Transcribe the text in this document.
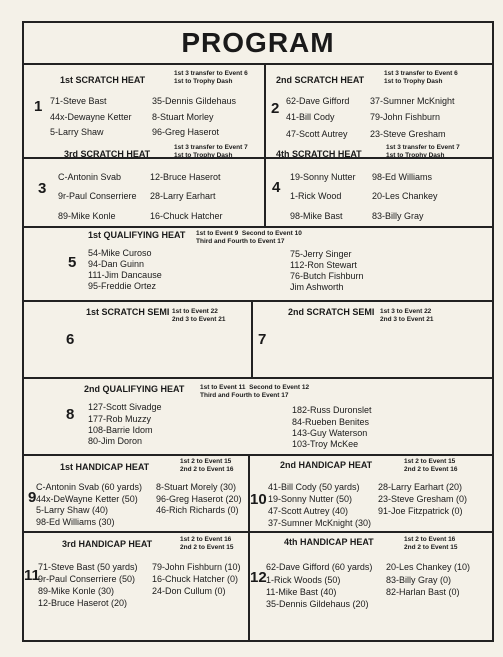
PROGRAM
1st SCRATCH HEAT
1st 3 transfer to Event 6
1st to Trophy Dash
1 71-Steve Bast	35-Dennis Gildehaus
44x-Dewayne Ketter 8-Stuart Morley
5-Larry Shaw	96-Greg Haserot
2nd SCRATCH HEAT
1st 3 transfer to Event 6
1st to Trophy Dash
2 62-Dave Gifford 37-Sumner McKnight
41-Bill Cody	79-John Fishburn
47-Scott Autrey 23-Steve Gresham
3rd SCRATCH HEAT
1st 3 transfer to Event 7
1st to Trophy Dash
3
C-Antonin Svab	12-Bruce Haserot
9r-Paul Conserriere 28-Larry Earhart
89-Mike Konle	16-Chuck Hatcher
4th SCRATCH HEAT
1st 3 transfer to Event 7
1st to Trophy Dash
4
19-Sonny Nutter 98-Ed Williams
1-Rick Wood	20-Les Chankey
98-Mike Bast	83-Billy Gray
1st QUALIFYING HEAT 1st to Event 9  Second to Event 10
Third and Fourth to Event 17
5
54-Mike Curoso	75-Jerry Singer
94-Dan Guinn	112-Ron Stewart
111-Jim Dancause	76-Butch Fishburn
95-Freddie Ortez	Jim Ashworth
1st SCRATCH SEMI 1st to Event 22
2nd 3 to Event 21
6
2nd SCRATCH SEMI 1st 3 to Event 22
2nd 3 to Event 21
7
2nd QUALIFYING HEAT 1st to Event 11  Second to Event 12
Third and Fourth to Event 17
8 127-Scott Sivadge	182-Russ Duronslet
177-Rob Muzzy	84-Rueben Benites
108-Barrie Idom	143-Guy Waterson
80-Jim Doron	103-Troy McKee
1st HANDICAP HEAT
1st 2 to Event 15
2nd 2 to Event 16
9
C-Antonin Svab (60 yards) 8-Stuart Morely (30)
44x-DeWayne Ketter (50) 96-Greg Haserot (20)
5-Larry Shaw (40)	46-Rich Richards (0)
98-Ed Williams (30)
2nd HANDICAP HEAT	1st 2 to Event 15
2nd 2 to Event 16
10
41-Bill Cody (50 yards) 28-Larry Earhart (20)
19-Sonny Nutter (50)	23-Steve Gresham (0)
47-Scott Autrey (40)	91-Joe Fitzpatrick (0)
37-Sumner McKnight (30)
3rd HANDICAP HEAT	1st 2 to Event 16
2nd 2 to Event 15
11
71-Steve Bast (50 yards) 79-John Fishburn (10)
9r-Paul Conserriere (50) 16-Chuck Hatcher (0)
89-Mike Konle (30)	24-Don Cullum (0)
12-Bruce Haserot (20)
4th HANDICAP HEAT	1st 2 to Event 16
2nd 2 to Event 15
12
62-Dave Gifford (60 yards) 20-Les Chankey (10)
1-Rick Woods (50)	83-Billy Gray (0)
11-Mike Bast (40)	82-Harlan Bast (0)
35-Dennis Gildehaus (20)
